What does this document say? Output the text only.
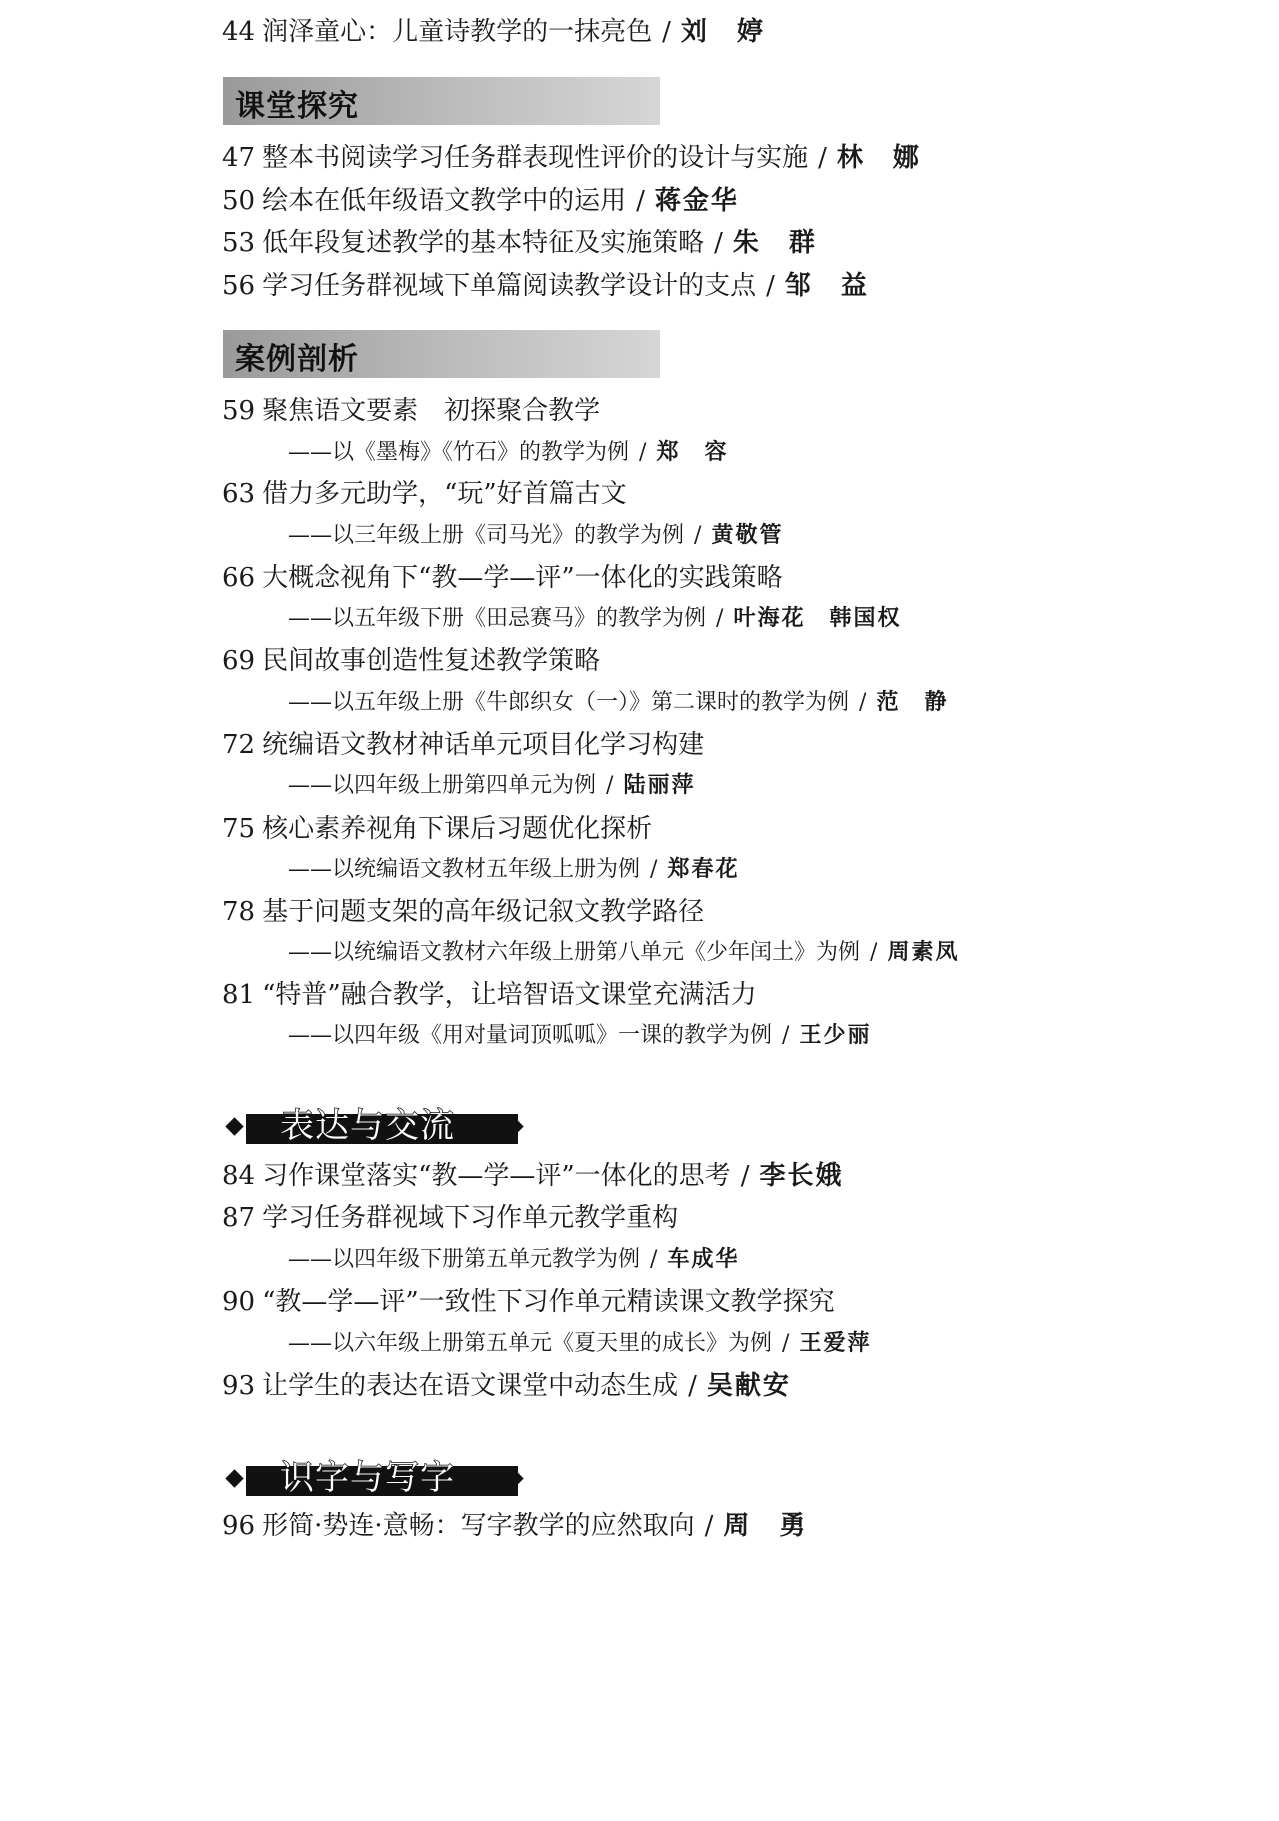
44 润泽童心：儿童诗教学的一抹亮色 / 刘　婷
课堂探究
47 整本书阅读学习任务群表现性评价的设计与实施 / 林　娜
50 绘本在低年级语文教学中的运用 / 蒋金华
53 低年段复述教学的基本特征及实施策略 / 朱　群
56 学习任务群视域下单篇阅读教学设计的支点 / 邹　益
案例剖析
59 聚焦语文要素　初探聚合教学
——以《墨梅》《竹石》的教学为例 / 郑　容
63 借力多元助学，“玩”好首篇古文
——以三年级上册《司马光》的教学为例 / 黄敬管
66 大概念视角下“教—学—评”一体化的实践策略
——以五年级下册《田忌赛马》的教学为例 / 叶海花　韩国权
69 民间故事创造性复述教学策略
——以五年级上册《牛郎织女（一）》第二课时的教学为例 / 范　静
72 统编语文教材神话单元项目化学习构建
——以四年级上册第四单元为例 / 陆丽萍
75 核心素养视角下课后习题优化探析
——以统编语文教材五年级上册为例 / 郑春花
78 基于问题支架的高年级记叙文教学路径
——以统编语文教材六年级上册第八单元《少年闰土》为例 / 周素凤
81 “特普”融合教学，让培智语文课堂充满活力
——以四年级《用对量词顶呱呱》一课的教学为例 / 王少丽
表达与交流
84 习作课堂落实“教—学—评”一体化的思考 / 李长娥
87 学习任务群视域下习作单元教学重构
——以四年级下册第五单元教学为例 / 车成华
90 “教—学—评”一致性下习作单元精读课文教学探究
——以六年级上册第五单元《夏天里的成长》为例 / 王爱萍
93 让学生的表达在语文课堂中动态生成 / 吴献安
识字与写字
96 形简·势连·意畅：写字教学的应然取向 / 周　勇
